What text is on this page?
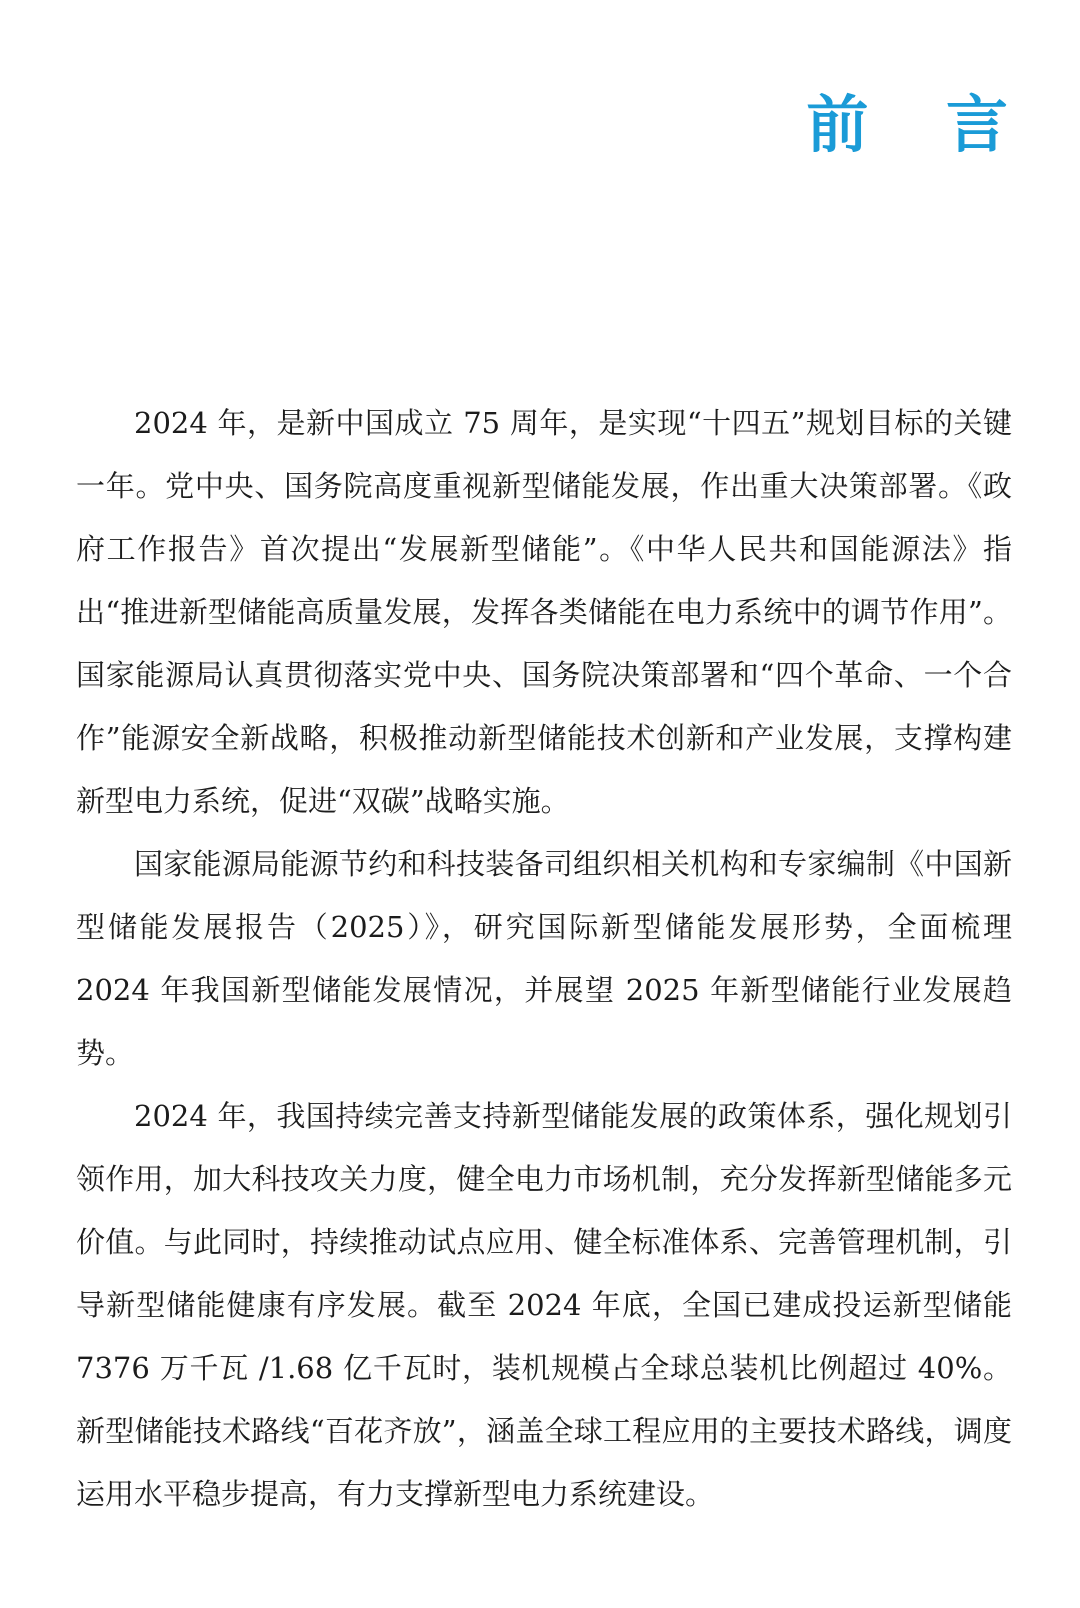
前 言

2024 年，是新中国成立 75 周年，是实现“十四五”规划目标的关键一年。党中央、国务院高度重视新型储能发展，作出重大决策部署。《政府工作报告》首次提出“发展新型储能”。《中华人民共和国能源法》指出“推进新型储能高质量发展，发挥各类储能在电力系统中的调节作用”。国家能源局认真贯彻落实党中央、国务院决策部署和“四个革命、一个合作”能源安全新战略，积极推动新型储能技术创新和产业发展，支撑构建新型电力系统，促进“双碳”战略实施。

国家能源局能源节约和科技装备司组织相关机构和专家编制《中国新型储能发展报告（2025）》，研究国际新型储能发展形势，全面梳理 2024 年我国新型储能发展情况，并展望 2025 年新型储能行业发展趋势。

2024 年，我国持续完善支持新型储能发展的政策体系，强化规划引领作用，加大科技攻关力度，健全电力市场机制，充分发挥新型储能多元价值。与此同时，持续推动试点应用、健全标准体系、完善管理机制，引导新型储能健康有序发展。截至 2024 年底，全国已建成投运新型储能 7376 万千瓦 /1.68 亿千瓦时，装机规模占全球总装机比例超过 40%。新型储能技术路线“百花齐放”，涵盖全球工程应用的主要技术路线，调度运用水平稳步提高，有力支撑新型电力系统建设。
